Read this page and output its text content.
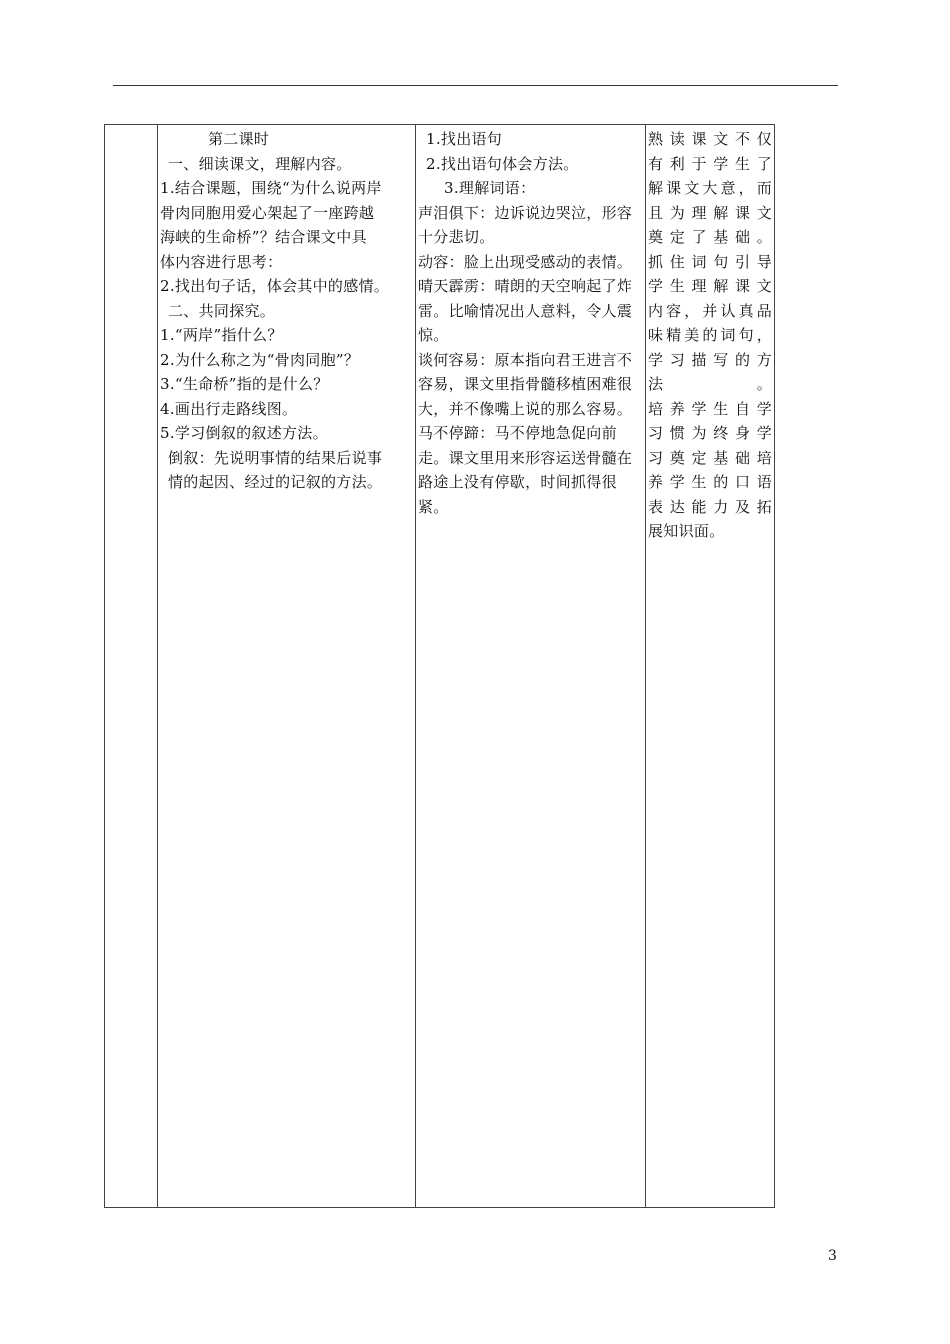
第二课时
一、细读课文，理解内容。
1.结合课题，围绕“为什么说两岸
骨肉同胞用爱心架起了一座跨越
海峡的生命桥”？结合课文中具
体内容进行思考：
2.找出句子话，体会其中的感情。
二、共同探究。
1.“两岸”指什么？
2.为什么称之为“骨肉同胞”？
3.“生命桥”指的是什么？
4.画出行走路线图。
5.学习倒叙的叙述方法。
倒叙：先说明事情的结果后说事
情的起因、经过的记叙的方法。

1.找出语句
2.找出语句体会方法。
3.理解词语：
声泪俱下：边诉说边哭泣，形容十分悲切。
动容：脸上出现受感动的表情。
晴天霹雳：晴朗的天空响起了炸雷。比喻情况出人意料，令人震惊。
谈何容易：原本指向君王进言不容易，课文里指骨髓移植困难很大，并不像嘴上说的那么容易。
马不停蹄：马不停地急促向前走。课文里用来形容运送骨髓在路途上没有停歇，时间抓得很紧。

熟读课文不仅
有利于学生了
解课文大意，而
且为理解课文
奠定了基础。
抓住词句引导
学生理解课文
内容，并认真品
味精美的词句，
学习描写的方
法。
培养学生自学
习惯为终身学
习奠定基础培
养学生的口语
表达能力及拓
展知识面。
3
